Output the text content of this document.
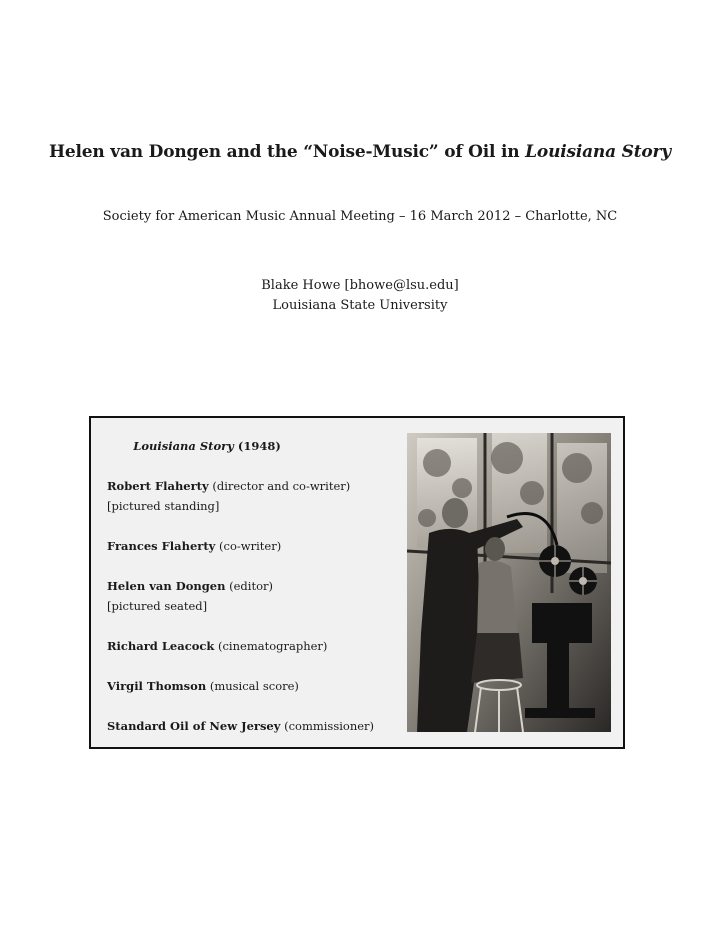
Helen van Dongen and the “Noise-Music” of Oil in Louisiana Story
Society for American Music Annual Meeting – 16 March 2012 – Charlotte, NC
Blake Howe [bhowe@lsu.edu]
Louisiana State University
Louisiana Story (1948)
Robert Flaherty (director and co-writer)
[pictured standing]
Frances Flaherty (co-writer)
Helen van Dongen (editor)
[pictured seated]
Richard Leacock (cinematographer)
Virgil Thomson (musical score)
Standard Oil of New Jersey (commissioner)
